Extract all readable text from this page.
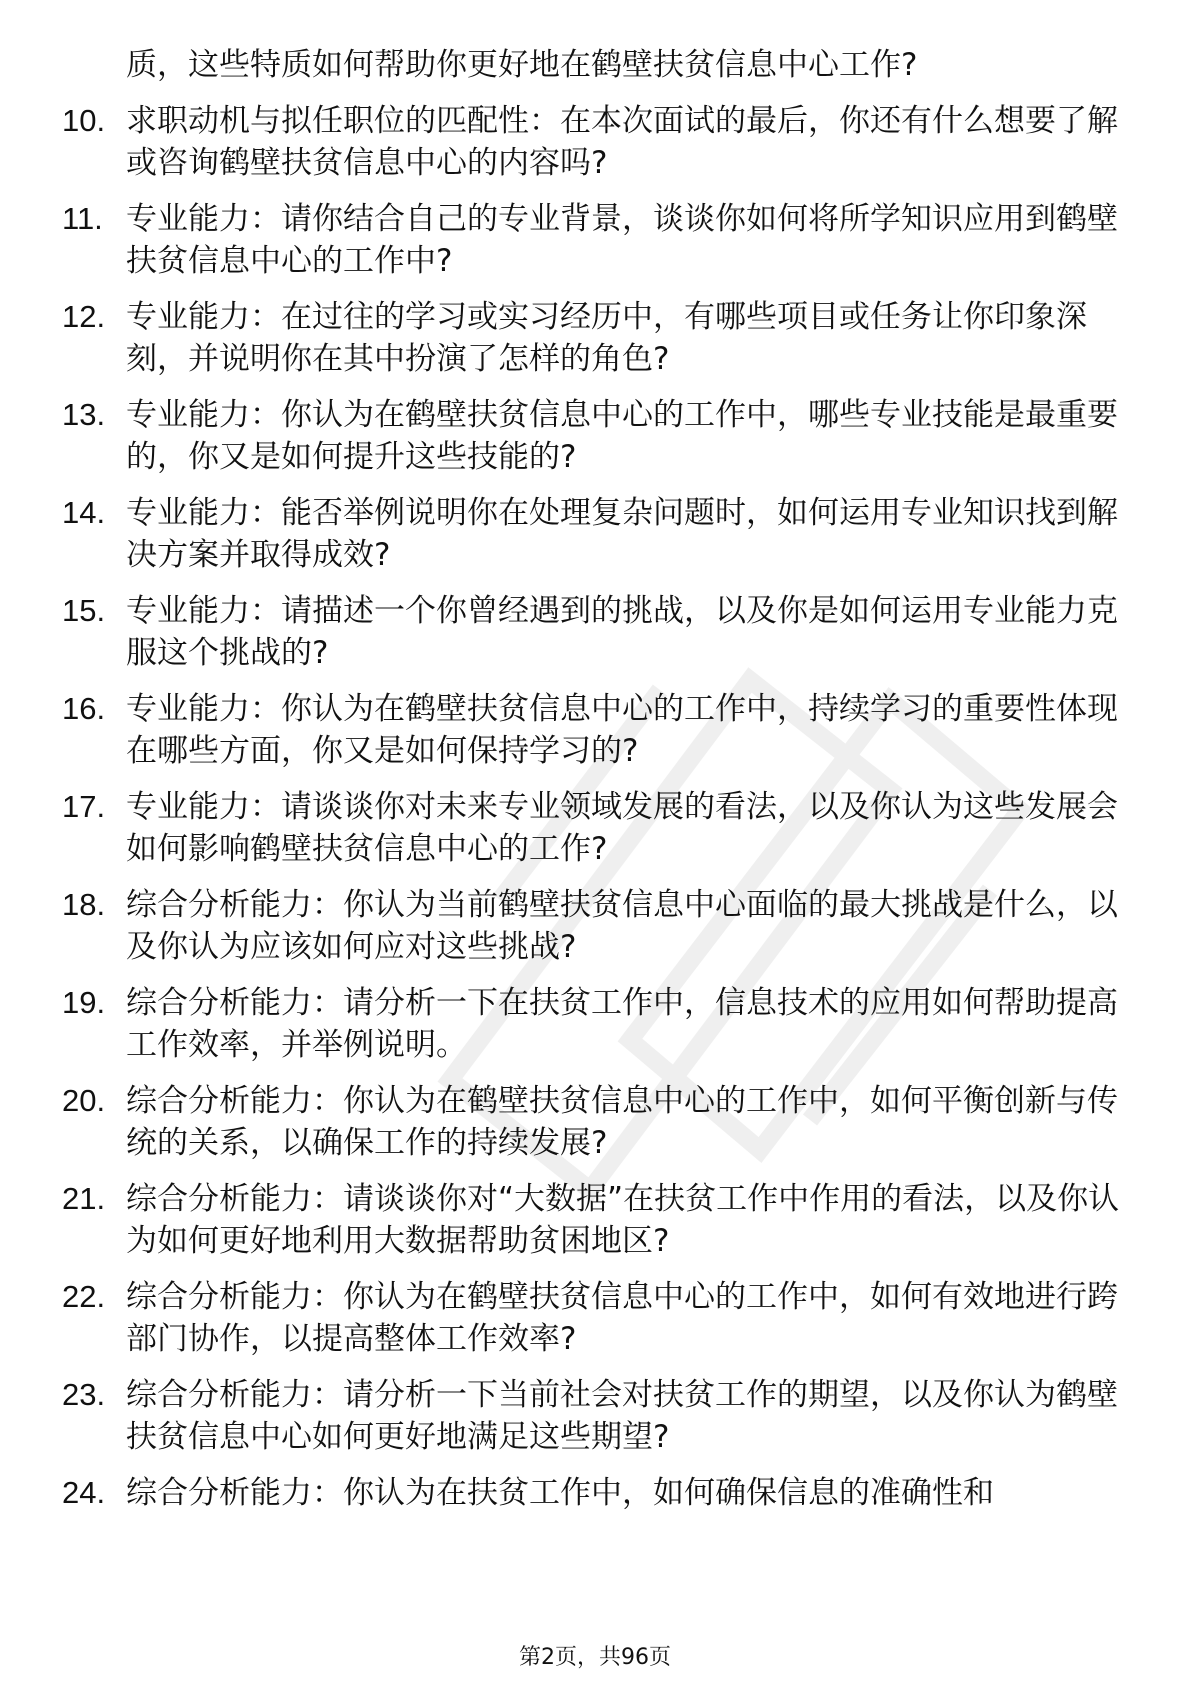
质，这些特质如何帮助你更好地在鹤壁扶贫信息中心工作?
10. 求职动机与拟任职位的匹配性：在本次面试的最后，你还有什么想要了解或咨询鹤壁扶贫信息中心的内容吗?
11. 专业能力：请你结合自己的专业背景，谈谈你如何将所学知识应用到鹤壁扶贫信息中心的工作中?
12. 专业能力：在过往的学习或实习经历中，有哪些项目或任务让你印象深刻，并说明你在其中扮演了怎样的角色?
13. 专业能力：你认为在鹤壁扶贫信息中心的工作中，哪些专业技能是最重要的，你又是如何提升这些技能的?
14. 专业能力：能否举例说明你在处理复杂问题时，如何运用专业知识找到解决方案并取得成效?
15. 专业能力：请描述一个你曾经遇到的挑战，以及你是如何运用专业能力克服这个挑战的?
16. 专业能力：你认为在鹤壁扶贫信息中心的工作中，持续学习的重要性体现在哪些方面，你又是如何保持学习的?
17. 专业能力：请谈谈你对未来专业领域发展的看法，以及你认为这些发展会如何影响鹤壁扶贫信息中心的工作?
18. 综合分析能力：你认为当前鹤壁扶贫信息中心面临的最大挑战是什么，以及你认为应该如何应对这些挑战?
19. 综合分析能力：请分析一下在扶贫工作中，信息技术的应用如何帮助提高工作效率，并举例说明。
20. 综合分析能力：你认为在鹤壁扶贫信息中心的工作中，如何平衡创新与传统的关系，以确保工作的持续发展?
21. 综合分析能力：请谈谈你对“大数据”在扶贫工作中作用的看法，以及你认为如何更好地利用大数据帮助贫困地区?
22. 综合分析能力：你认为在鹤壁扶贫信息中心的工作中，如何有效地进行跨部门协作，以提高整体工作效率?
23. 综合分析能力：请分析一下当前社会对扶贫工作的期望，以及你认为鹤壁扶贫信息中心如何更好地满足这些期望?
24. 综合分析能力：你认为在扶贫工作中，如何确保信息的准确性和
第2页，共96页
